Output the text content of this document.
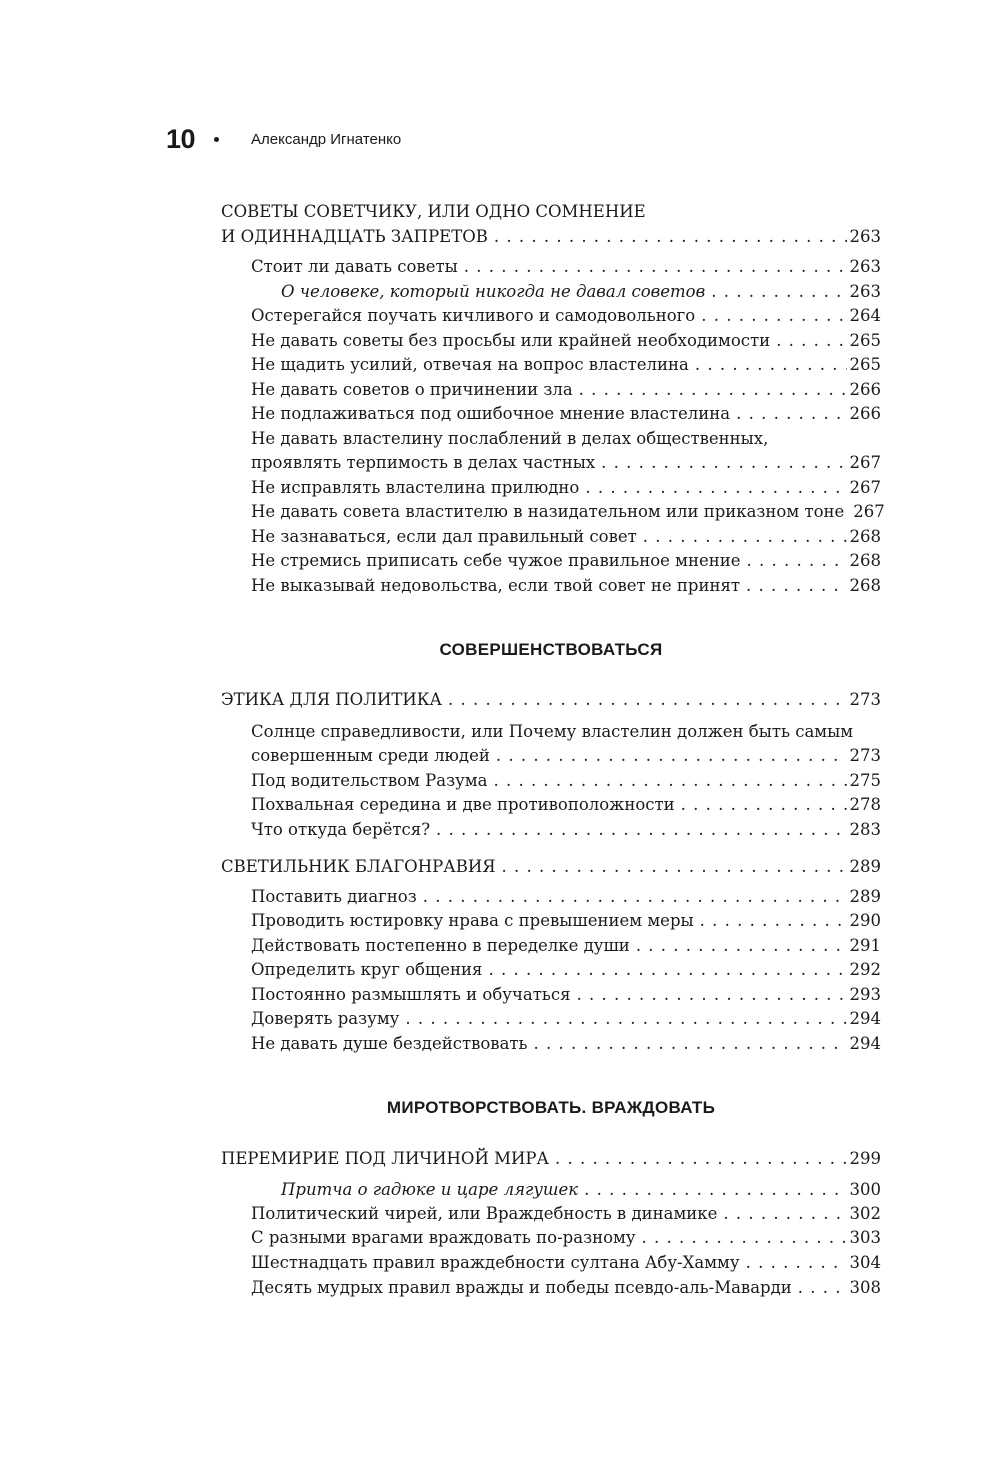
10	Александр Игнатенко
СОВЕТЫ СОВЕТЧИКУ, ИЛИ ОДНО СОМНЕНИЕ
И ОДИННАДЦАТЬ ЗАПРЕТОВ . . .	263
Стоит ли давать советы . . .	263
О человеке, который никогда не давал советов . . .	263
Остерегайся поучать кичливого и самодовольного . . .	264
Не давать советы без просьбы или крайней необходимости . . .	265
Не щадить усилий, отвечая на вопрос властелина . . .	265
Не давать советов о причинении зла . . .	266
Не подлаживаться под ошибочное мнение властелина . . .	266
Не давать властелину послаблений в делах общественных,
проявлять терпимость в делах частных . . .	267
Не исправлять властелина прилюдно . . .	267
Не давать совета властителю в назидательном или приказном тоне 267
Не зазнаваться, если дал правильный совет . . .	268
Не стремись приписать себе чужое правильное мнение . . .	268
Не выказывай недовольства, если твой совет не принят . . .	268
СОВЕРШЕНСТВОВАТЬСЯ
ЭТИКА ДЛЯ ПОЛИТИКА . . .	273
Солнце справедливости, или Почему властелин должен быть самым
совершенным среди людей . . .	273
Под водительством Разума . . .	275
Похвальная середина и две противоположности . . .	278
Что откуда берётся? . . .	283
СВЕТИЛЬНИК БЛАГОНРАВИЯ . . .	289
Поставить диагноз . . .	289
Проводить юстировку нрава с превышением меры . . .	290
Действовать постепенно в переделке души . . .	291
Определить круг общения . . .	292
Постоянно размышлять и обучаться . . .	293
Доверять разуму . . .	294
Не давать душе бездействовать . . .	294
МИРОТВОРСТВОВАТЬ. ВРАЖДОВАТЬ
ПЕРЕМИРИЕ ПОД ЛИЧИНОЙ МИРА . . .	299
Притча о гадюке и царе лягушек . . .	300
Политический чирей, или Враждебность в динамике . . .	302
С разными врагами враждовать по-разному . . .	303
Шестнадцать правил враждебности султана Абу-Хамму . . .	304
Десять мудрых правил вражды и победы псевдо-аль-Маварди . . .	308
